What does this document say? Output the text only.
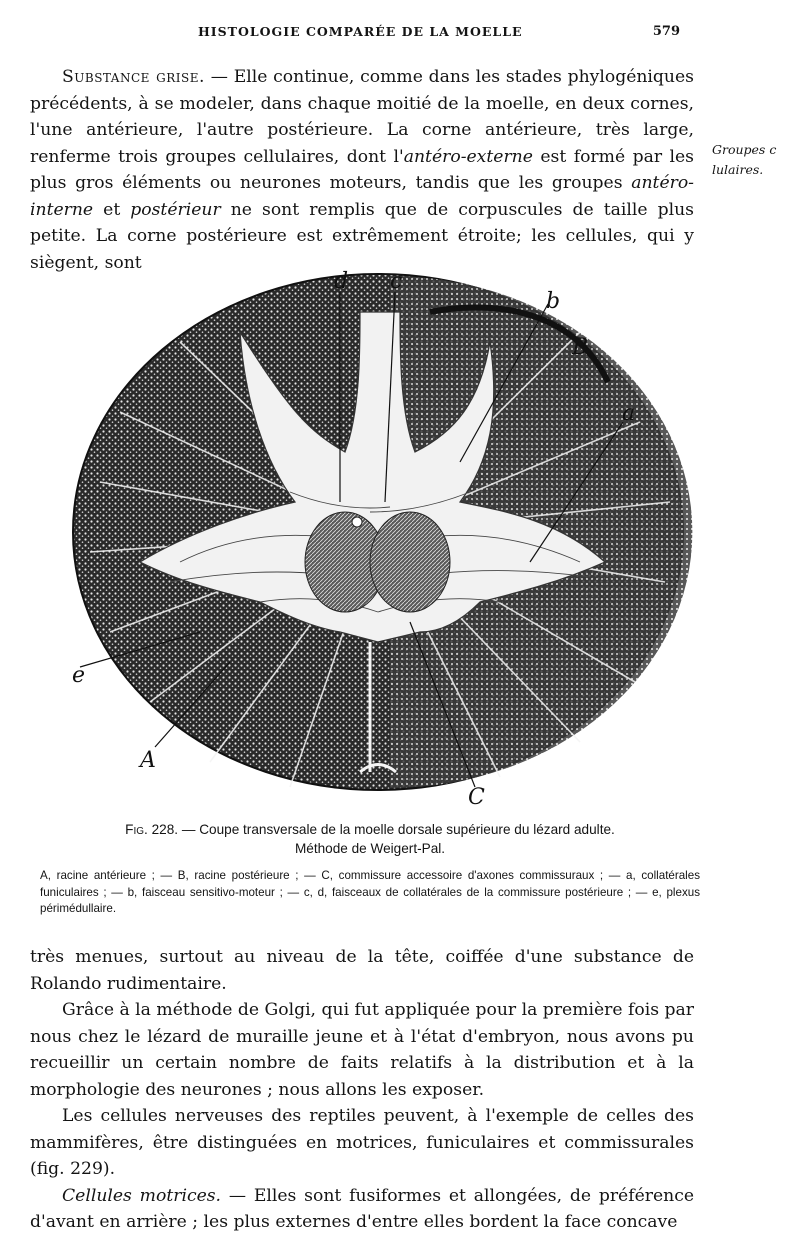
HISTOLOGIE COMPARÉE DE LA MOELLE	579

Substance grise. — Elle continue, comme dans les stades phylogéniques précédents, à se modeler, dans chaque moitié de la moelle, en deux cornes, l'une antérieure, l'autre postérieure. La corne antérieure, très large, renferme trois groupes cellulaires, dont l'antéro-externe est formé par les plus gros éléments ou neurones moteurs, tandis que les groupes antéro-interne et postérieur ne sont remplis que de corpuscules de taille plus petite. La corne postérieure est extrêmement étroite; les cellules, qui y siègent, sont

Groupes c
lulaires.
d c
b
B
a
e
A
C
Fig. 228. — Coupe transversale de la moelle dorsale supérieure du lézard adulte.
Méthode de Weigert-Pal.
A, racine antérieure ; — B, racine postérieure ; — C, commissure accessoire d'axones commissuraux ; — a, collatérales funiculaires ; — b, faisceau sensitivo-moteur ; — c, d, faisceaux de collatérales de la commissure postérieure ; — e, plexus périmédullaire.

très menues, surtout au niveau de la tête, coiffée d'une substance de Rolando rudimentaire.

Grâce à la méthode de Golgi, qui fut appliquée pour la première fois par nous chez le lézard de muraille jeune et à l'état d'embryon, nous avons pu recueillir un certain nombre de faits relatifs à la distribution et à la morphologie des neurones ; nous allons les exposer.

Les cellules nerveuses des reptiles peuvent, à l'exemple de celles des mammifères, être distinguées en motrices, funiculaires et commissurales (fig. 229).

Cellules motrices. — Elles sont fusiformes et allongées, de préférence d'avant en arrière ; les plus externes d'entre elles bordent la face concave
